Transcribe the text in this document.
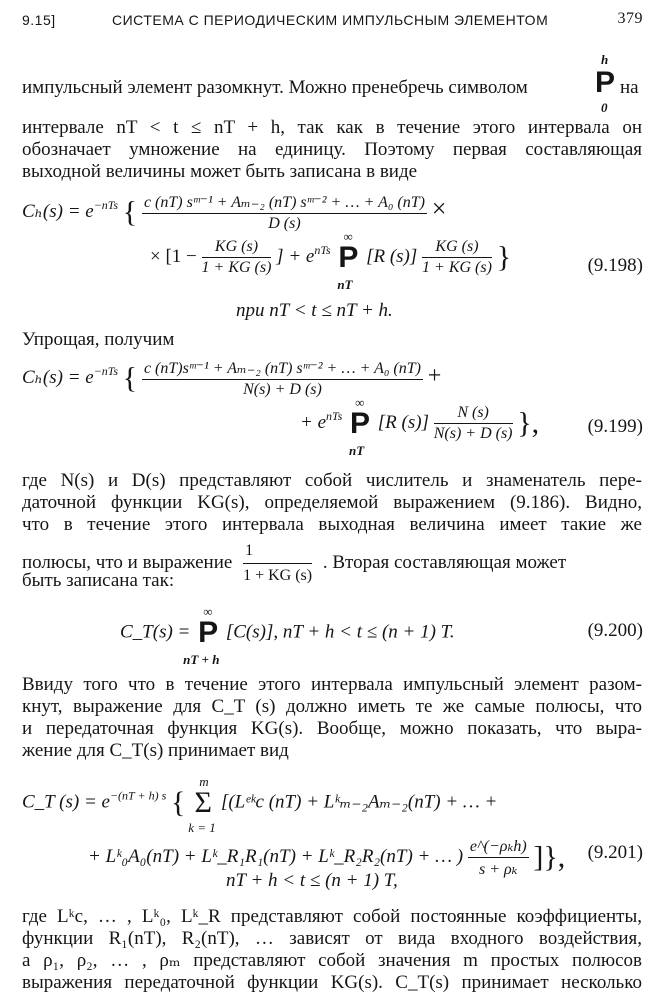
9.15]	СИСТЕМА С ПЕРИОДИЧЕСКИМ ИМПУЛЬСНЫМ ЭЛЕМЕНТОМ	379
импульсный элемент разомкнут. Можно пренебречь символом	P
h
0
на
интервале nT < t ≤ nT + h, так как в течение этого интервала он
обозначает умножение на единицу. Поэтому первая составляющая
выходной величины может быть записана в виде
$C_h(s) = e^{-nTs}$ { $\frac{\text{c (nT) sᵐ⁻¹ + Aₘ₋₂ (nT) sᵐ⁻² + … + A₀ (nT)}}{D (s)}$ ×
× [$1 - \frac{KG (s)}{1 + KG (s)}$ ] + $e^{nTs}$ P
∞
nT
[R $(s)] \frac{KG (s)}{1 + KG (s)}$ }	(9.198)
при nT < t ≤ nT + h.
Упрощая, получим
$C_h(s) = e^{-nTs}$ { $\frac{\text{c (nT)sᵐ⁻¹ + Aₘ₋₂ (nT) sᵐ⁻² + … + A₀ (nT)}}{N(s) + D (s)}$ +
+ $e^{nTs}$ P
∞
nT
[R $(s)] \frac{N (s)}{N(s) + D (s)}$ },	(9.199)
где N(s) и D(s) представляют собой числитель и знаменатель пере-
даточной функции KG(s), определяемой выражением (9.186). Видно,
что в течение этого интервала выходная величина имеет такие же
полюсы, что и выражение $\frac{1}{1 + KG (s)}$ . Вторая составляющая может
быть записана так:
C_T(s) = P
∞
nT + h
[C(s)], nT + h < t ≤ (n + 1) T.	(9.200)
Ввиду того что в течение этого интервала импульсный элемент разом-
кнут, выражение для C_T (s) должно иметь те же самые полюсы, что
и передаточная функция KG(s). Вообще, можно показать, что выра-
жение для C_T(s) принимает вид
C_T $(s) = e^{-(nT + h) s}$ { Σ
m
k = 1
[(Lᵉᵏc (nT) + Lᵏₘ₋₂Aₘ₋₂(nT) + … +
+ Lᵏ₀A₀(nT) + Lᵏ_R₁R₁(nT) + Lᵏ_R₂R₂(nT) + … ) $\frac{\text{e\textasciicircum{}(−ρₖh)}}{\text{s + ρₖ}}$ ]}, (9.201)
nT + h < t ≤ (n + 1) T,
где Lᵏc, … , Lᵏ₀, Lᵏ_R представляют собой постоянные коэффициенты,
функции R₁(nT), R₂(nT), … зависят от вида входного воздействия,
а ρ₁, ρ₂, … , ρₘ представляют собой значения m простых полюсов
выражения передаточной функции KG(s). C_T(s) принимает несколько
